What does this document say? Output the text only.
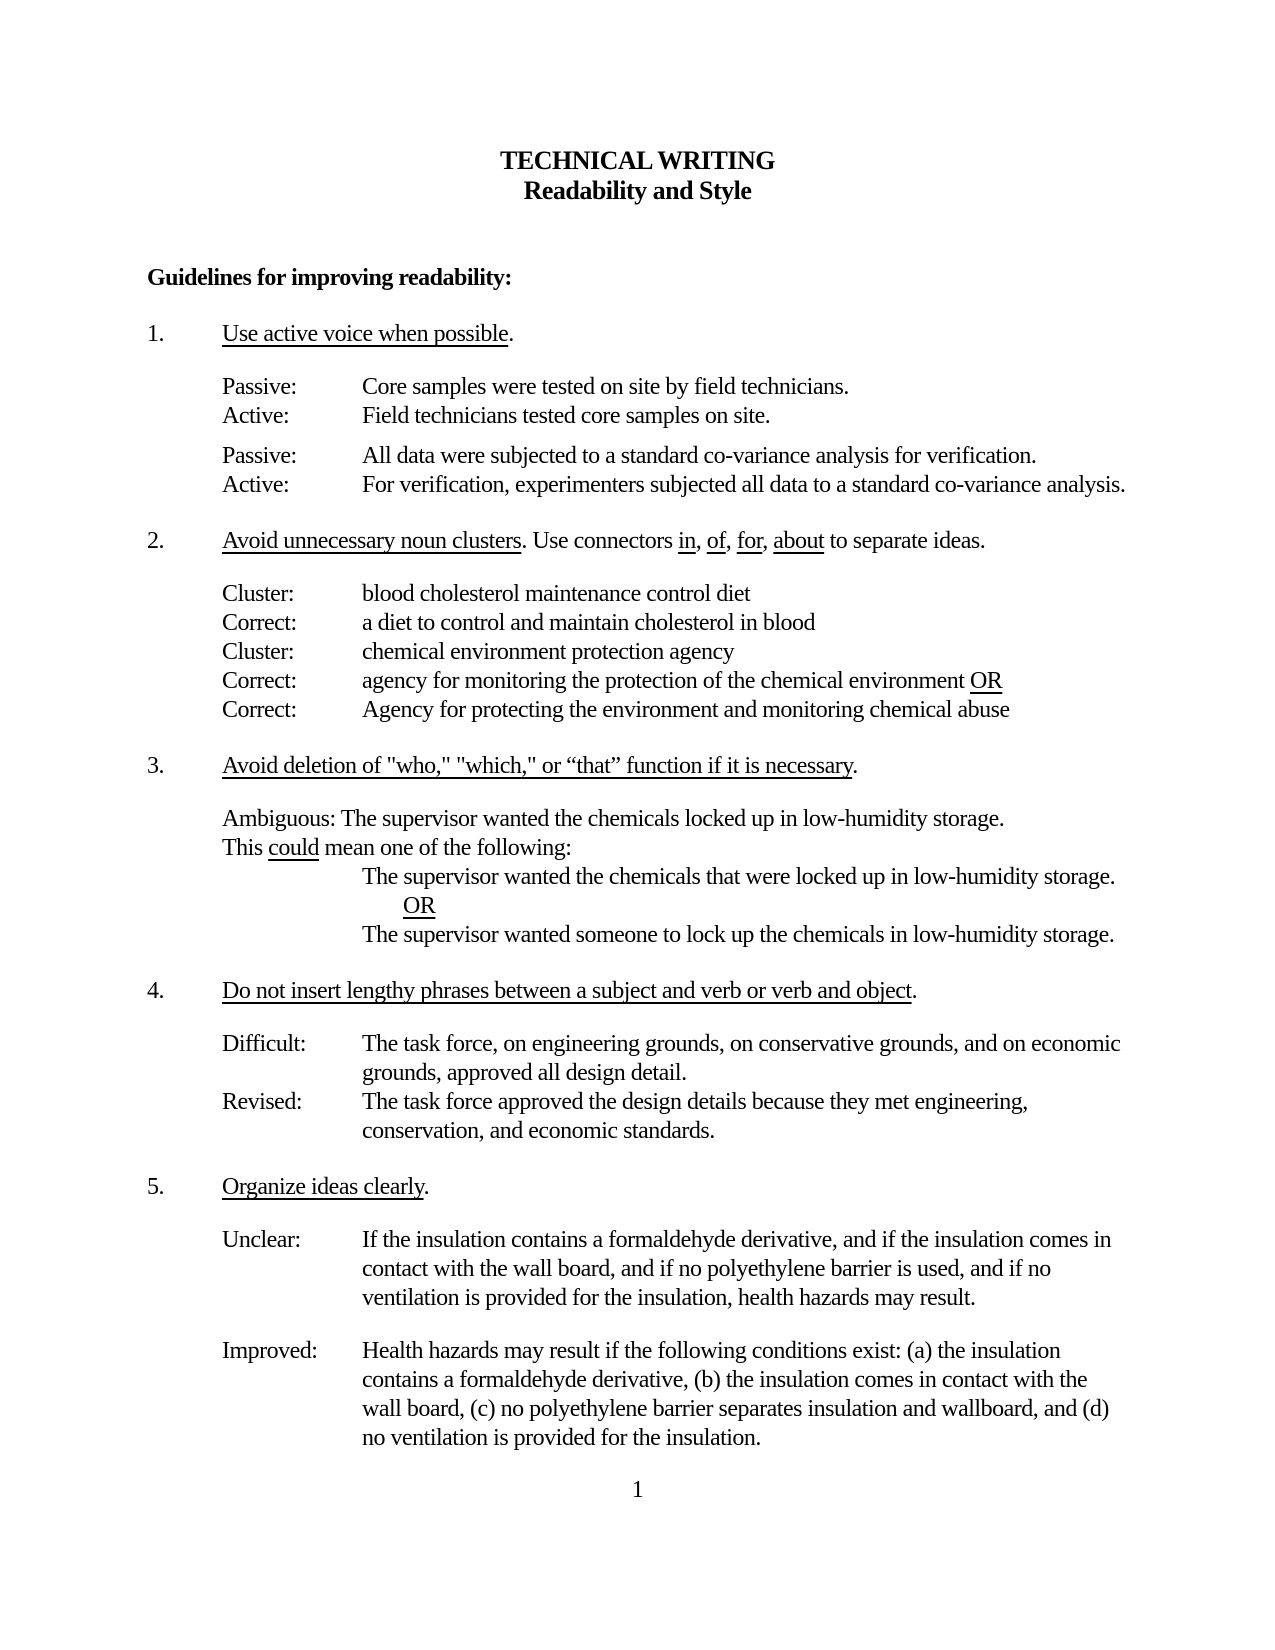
TECHNICAL WRITING
Readability and Style

Guidelines for improving readability:

1.	Use active voice when possible.
Passive:	Core samples were tested on site by field technicians.
Active:	Field technicians tested core samples on site.
Passive:	All data were subjected to a standard co-variance analysis for verification.
Active:	For verification, experimenters subjected all data to a standard co-variance analysis.
2.	Avoid unnecessary noun clusters. Use connectors in, of, for, about to separate ideas.
Cluster:	blood cholesterol maintenance control diet
Correct:	a diet to control and maintain cholesterol in blood
Cluster:	chemical environment protection agency
Correct:	agency for monitoring the protection of the chemical environment OR
Correct:	Agency for protecting the environment and monitoring chemical abuse
3.	Avoid deletion of "who," "which," or “that” function if it is necessary.
Ambiguous: The supervisor wanted the chemicals locked up in low-humidity storage.
This could mean one of the following:
The supervisor wanted the chemicals that were locked up in low-humidity storage.
OR
The supervisor wanted someone to lock up the chemicals in low-humidity storage.
4.	Do not insert lengthy phrases between a subject and verb or verb and object.
Difficult:	The task force, on engineering grounds, on conservative grounds, and on economic
grounds, approved all design detail.
Revised:	The task force approved the design details because they met engineering,
conservation, and economic standards.
5.	Organize ideas clearly.
Unclear:	If the insulation contains a formaldehyde derivative, and if the insulation comes in
contact with the wall board, and if no polyethylene barrier is used, and if no
ventilation is provided for the insulation, health hazards may result.
Improved:	Health hazards may result if the following conditions exist: (a) the insulation
contains a formaldehyde derivative, (b) the insulation comes in contact with the
wall board, (c) no polyethylene barrier separates insulation and wallboard, and (d)
no ventilation is provided for the insulation.
1
